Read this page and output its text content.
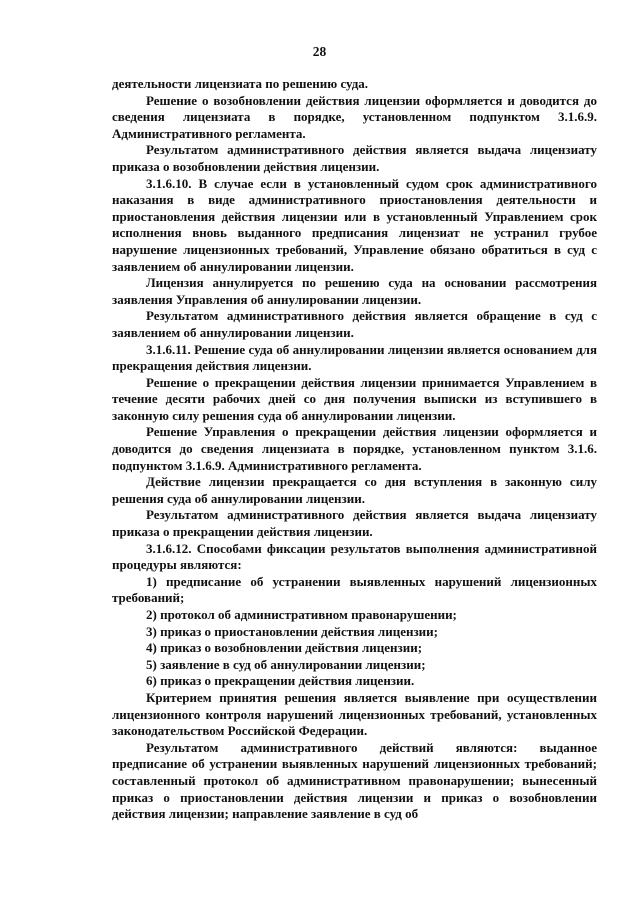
28

деятельности лицензиата по решению суда.

Решение о возобновлении действия лицензии оформляется и доводится до сведения лицензиата в порядке, установленном подпунктом 3.1.6.9. Административного регламента.

Результатом административного действия является выдача лицензиату приказа о возобновлении действия лицензии.

3.1.6.10. В случае если в установленный судом срок административного наказания в виде административного приостановления деятельности и приостановления действия лицензии или в установленный Управлением срок исполнения вновь выданного предписания лицензиат не устранил грубое нарушение лицензионных требований, Управление обязано обратиться в суд с заявлением об аннулировании лицензии.

Лицензия аннулируется по решению суда на основании рассмотрения заявления Управления об аннулировании лицензии.

Результатом административного действия является обращение в суд с заявлением об аннулировании лицензии.

3.1.6.11. Решение суда об аннулировании лицензии является основанием для прекращения действия лицензии.

Решение о прекращении действия лицензии принимается Управлением в течение десяти рабочих дней со дня получения выписки из вступившего в законную силу решения суда об аннулировании лицензии.

Решение Управления о прекращении действия лицензии оформляется и доводится до сведения лицензиата в порядке, установленном пунктом 3.1.6. подпунктом 3.1.6.9. Административного регламента.

Действие лицензии прекращается со дня вступления в законную силу решения суда об аннулировании лицензии.

Результатом административного действия является выдача лицензиату приказа о прекращении действия лицензии.

3.1.6.12. Способами фиксации результатов выполнения административной процедуры являются:

1) предписание об устранении выявленных нарушений лицензионных требований;

2) протокол об административном правонарушении;

3) приказ о приостановлении действия лицензии;

4) приказ о возобновлении действия лицензии;

5) заявление в суд об аннулировании лицензии;

6) приказ о прекращении действия лицензии.

Критерием принятия решения является выявление при осуществлении лицензионного контроля нарушений лицензионных требований, установленных законодательством Российской Федерации.

Результатом административного действий являются: выданное предписание об устранении выявленных нарушений лицензионных требований; составленный протокол об административном правонарушении; вынесенный приказ о приостановлении действия лицензии и приказ о возобновлении действия лицензии; направление заявление в суд об
